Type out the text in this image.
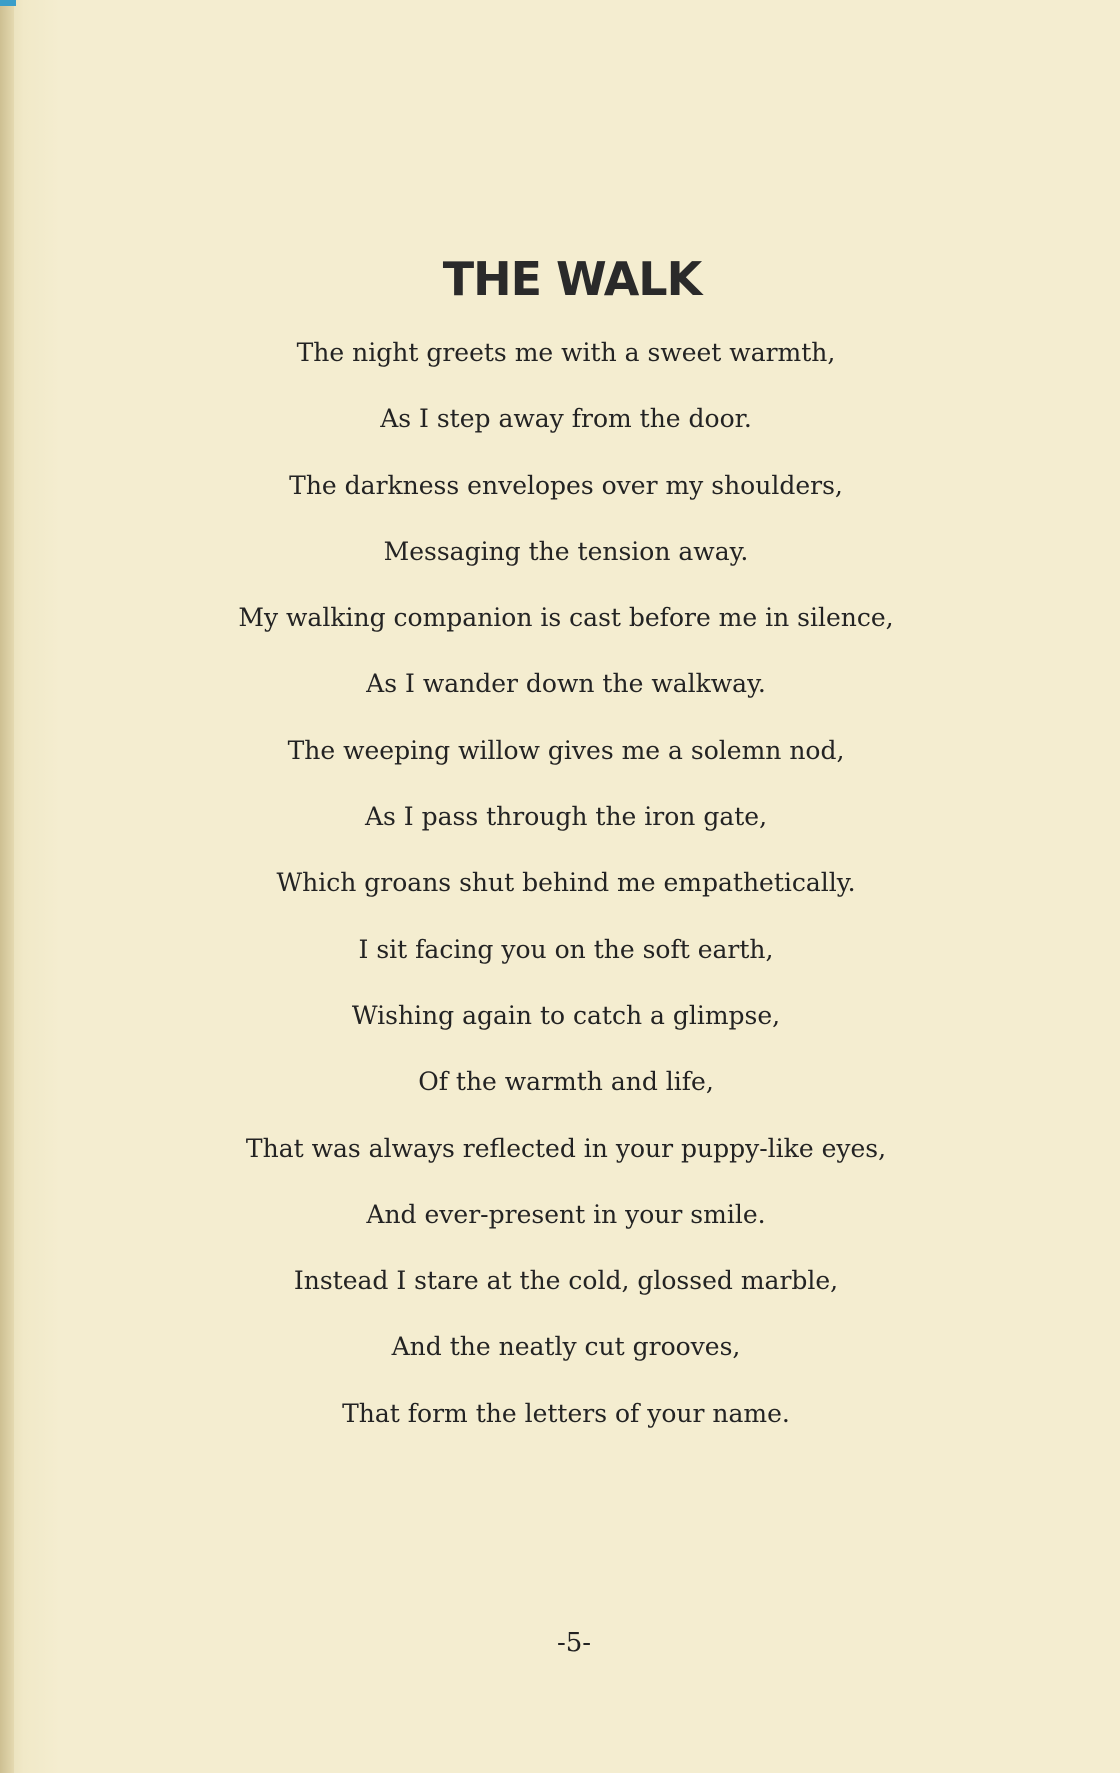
THE WALK
The night greets me with a sweet warmth,
As I step away from the door.
The darkness envelopes over my shoulders,
Messaging the tension away.
My walking companion is cast before me in silence,
As I wander down the walkway.
The weeping willow gives me a solemn nod,
As I pass through the iron gate,
Which groans shut behind me empathetically.
I sit facing you on the soft earth,
Wishing again to catch a glimpse,
Of the warmth and life,
That was always reflected in your puppy-like eyes,
And ever-present in your smile.
Instead I stare at the cold, glossed marble,
And the neatly cut grooves,
That form the letters of your name.
-5-
